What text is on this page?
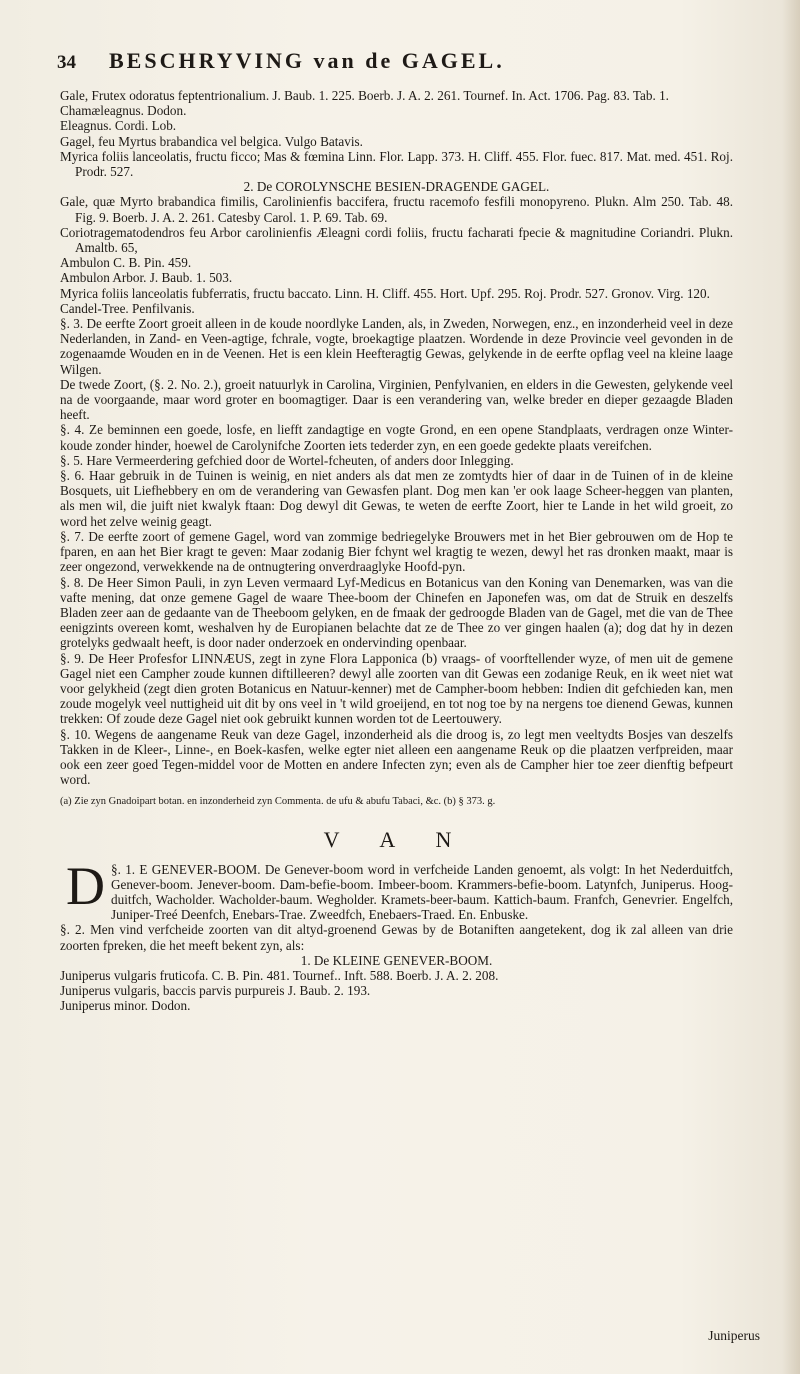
34 BESCHRYVING van de GAGEL.

Gale, Frutex odoratus feptentrionalium. J. Baub. 1. 225. Boerb. J. A. 2. 261. Tournef. In. Act. 1706. Pag. 83. Tab. 1.

Chamæleagnus. Dodon.

Eleagnus. Cordi. Lob.

Gagel, feu Myrtus brabandica vel belgica. Vulgo Batavis.

Myrica foliis lanceolatis, fructu ficco; Mas & fœmina Linn. Flor. Lapp. 373. H. Cliff. 455. Flor. fuec. 817. Mat. med. 451. Roj. Prodr. 527.

2. De COROLYNSCHE BESIEN-DRAGENDE GAGEL.

Gale, quæ Myrto brabandica fimilis, Carolinienfis baccifera, fructu racemofo fesfili monopyreno. Plukn. Alm 250. Tab. 48. Fig. 9. Boerb. J. A. 2. 261. Catesby Carol. 1. P. 69. Tab. 69.

Coriotragematodendros feu Arbor carolinienfis Æleagni cordi foliis, fructu facharati fpecie & magnitudine Coriandri. Plukn. Amaltb. 65,

Ambulon C. B. Pin. 459.

Ambulon Arbor. J. Baub. 1. 503.

Myrica foliis lanceolatis fubferratis, fructu baccato. Linn. H. Cliff. 455. Hort. Upf. 295. Roj. Prodr. 527. Gronov. Virg. 120.

Candel-Tree. Penfilvanis.

§. 3. De eerfte Zoort groeit alleen in de koude noordlyke Landen, als, in Zweden, Norwegen, enz., en inzonderheid veel in deze Nederlanden, in Zand- en Veen-agtige, fchrale, vogte, broekagtige plaatzen. Wordende in deze Provincie veel gevonden in de zogenaamde Wouden en in de Veenen. Het is een klein Heefteragtig Gewas, gelykende in de eerfte opflag veel na kleine laage Wilgen.

De twede Zoort, (§. 2. No. 2.), groeit natuurlyk in Carolina, Virginien, Penfylvanien, en elders in die Gewesten, gelykende veel na de voorgaande, maar word groter en boomagtiger. Daar is een verandering van, welke breder en dieper gezaagde Bladen heeft.

§. 4. Ze beminnen een goede, losfe, en liefft zandagtige en vogte Grond, en een opene Standplaats, verdragen onze Winter-koude zonder hinder, hoewel de Carolynifche Zoorten iets tederder zyn, en een goede gedekte plaats vereifchen.

§. 5. Hare Vermeerdering gefchied door de Wortel-fcheuten, of anders door Inlegging.

§. 6. Haar gebruik in de Tuinen is weinig, en niet anders als dat men ze zomtydts hier of daar in de Tuinen of in de kleine Bosquets, uit Liefhebbery en om de verandering van Gewasfen plant. Dog men kan 'er ook laage Scheer-heggen van planten, als men wil, die juift niet kwalyk ftaan: Dog dewyl dit Gewas, te weten de eerfte Zoort, hier te Lande in het wild groeit, zo word het zelve weinig geagt.

§. 7. De eerfte zoort of gemene Gagel, word van zommige bedriegelyke Brouwers met in het Bier gebrouwen om de Hop te fparen, en aan het Bier kragt te geven: Maar zodanig Bier fchynt wel kragtig te wezen, dewyl het ras dronken maakt, maar is zeer ongezond, verwekkende na de ontnugtering onverdraaglyke Hoofd-pyn.

§. 8. De Heer Simon Pauli, in zyn Leven vermaard Lyf-Medicus en Botanicus van den Koning van Denemarken, was van die vafte mening, dat onze gemene Gagel de waare Thee-boom der Chinefen en Japonefen was, om dat de Struik en deszelfs Bladen zeer aan de gedaante van de Theeboom gelyken, en de fmaak der gedroogde Bladen van de Gagel, met die van de Thee eenigzints overeen komt, weshalven hy de Europianen belachte dat ze de Thee zo ver gingen haalen (a); dog dat hy in dezen grotelyks gedwaalt heeft, is door nader onderzoek en ondervinding openbaar.

§. 9. De Heer Profesfor LINNÆUS, zegt in zyne Flora Lapponica (b) vraags- of voorftellender wyze, of men uit de gemene Gagel niet een Campher zoude kunnen diftilleeren? dewyl alle zoorten van dit Gewas een zodanige Reuk, en ik weet niet wat voor gelykheid (zegt dien groten Botanicus en Natuur-kenner) met de Campher-boom hebben: Indien dit gefchieden kan, men zoude mogelyk veel nuttigheid uit dit by ons veel in 't wild groeijend, en tot nog toe by na nergens toe dienend Gewas, kunnen trekken: Of zoude deze Gagel niet ook gebruikt kunnen worden tot de Leertouwery.

§. 10. Wegens de aangename Reuk van deze Gagel, inzonderheid als die droog is, zo legt men veeltydts Bosjes van deszelfs Takken in de Kleer-, Linne-, en Boek-kasfen, welke egter niet alleen een aangename Reuk op die plaatzen verfpreiden, maar ook een zeer goed Tegen-middel voor de Motten en andere Infecten zyn; even als de Campher hier toe zeer dienftig befpeurt word.

(a) Zie zyn Gnadoipart botan. en inzonderheid zyn Commenta. de ufu & abufu Tabaci, &c. (b) § 373. g.

V A N

§. 1.
D	E GENEVER-BOOM. De Genever-boom word in verfcheide Landen genoemt, als volgt: In het Nederduitfch, Genever-boom. Jenever-boom. Dam-befie-boom. Imbeer-boom. Krammers-befie-boom. Latynfch, Juniperus. Hoog-duitfch, Wacholder. Wacholder-baum. Wegholder. Kramets-beer-baum. Kattich-baum. Franfch, Genevrier. Engelfch, Juniper-Treé Deenfch, Enebars-Trae. Zweedfch, Enebaers-Traed. En. Enbuske.

§. 2. Men vind verfcheide zoorten van dit altyd-groenend Gewas by de Botaniften aangetekent, dog ik zal alleen van drie zoorten fpreken, die het meeft bekent zyn, als:

1. De KLEINE GENEVER-BOOM.

Juniperus vulgaris fruticofa. C. B. Pin. 481. Tournef.. Inft. 588. Boerb. J. A. 2. 208.

Juniperus vulgaris, baccis parvis purpureis J. Baub. 2. 193.

Juniperus minor. Dodon.

Juniperus
